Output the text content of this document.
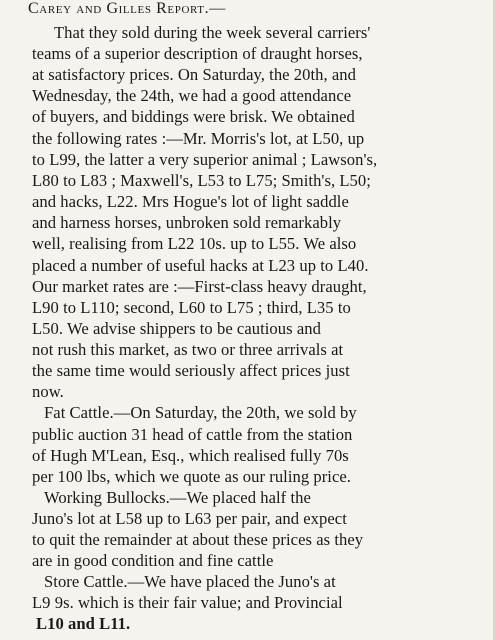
Carey and Gilles Report.—
That they sold during the week several carriers'
teams of a superior description of draught horses,
at satisfactory prices. On Saturday, the 20th, and
Wednesday, the 24th, we had a good attendance
of buyers, and biddings were brisk. We obtained
the following rates :—Mr. Morris's lot, at L50, up
to L99, the latter a very superior animal ; Lawson's,
L80 to L83 ; Maxwell's, L53 to L75; Smith's, L50;
and hacks, L22. Mrs Hogue's lot of light saddle
and harness horses, unbroken sold remarkably
well, realising from L22 10s. up to L55. We also
placed a number of useful hacks at L23 up to L40.
Our market rates are :—First-class heavy draught,
L90 to L110; second, L60 to L75 ; third, L35 to
L50. We advise shippers to be cautious and
not rush this market, as two or three arrivals at
the same time would seriously affect prices just
now.
Fat Cattle.—On Saturday, the 20th, we sold by
public auction 31 head of cattle from the station
of Hugh M'Lean, Esq., which realised fully 70s
per 100 lbs, which we quote as our ruling price.
Working Bullocks.—We placed half the
Juno's lot at L58 up to L63 per pair, and expect
to quit the remainder at about these prices as they
are in good condition and fine cattle
Store Cattle.—We have placed the Juno's at
L9 9s. which is their fair value; and Provincial
L10 and L11.
